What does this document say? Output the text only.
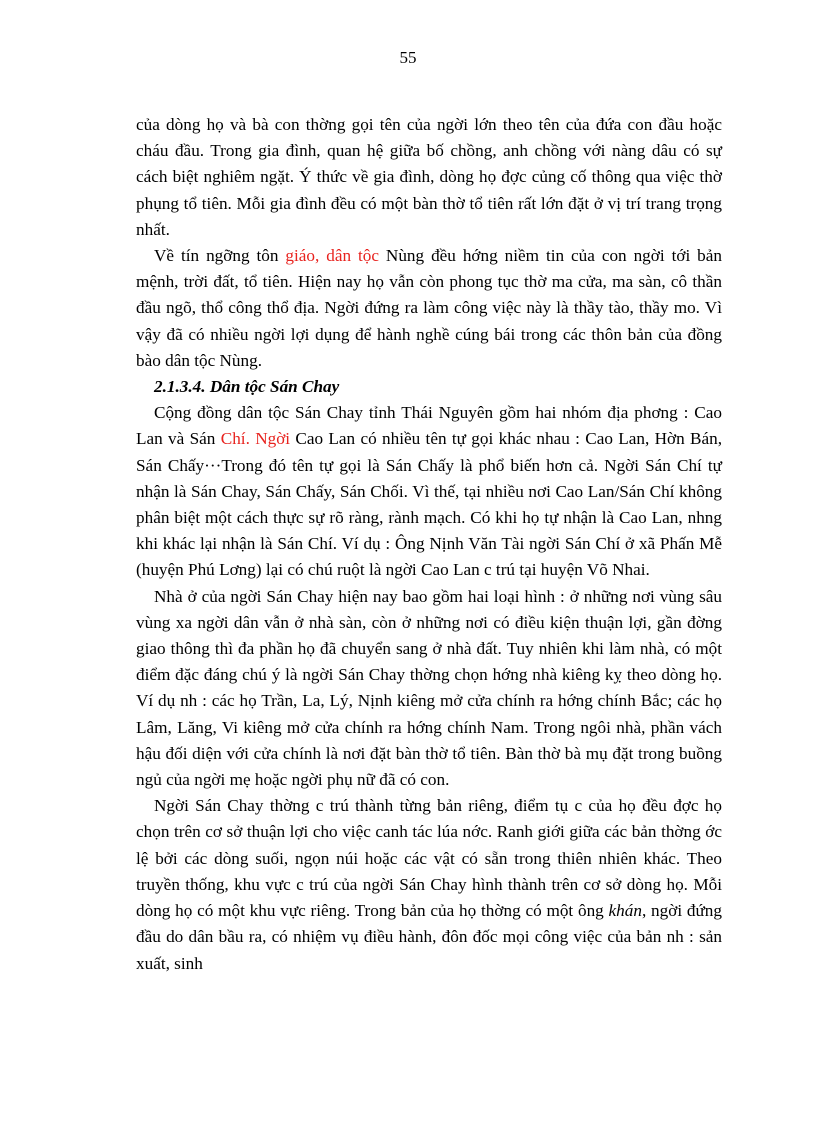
55

của dòng họ và bà con thờng gọi tên của ngời lớn theo tên của đứa con đầu hoặc cháu đầu. Trong gia đình, quan hệ giữa bố chồng, anh chồng với nàng dâu có sự cách biệt nghiêm ngặt. Ý thức về gia đình, dòng họ đợc củng cố thông qua việc thờ phụng tổ tiên. Mỗi gia đình đều có một bàn thờ tổ tiên rất lớn đặt ở vị trí trang trọng nhất.

Về tín ngỡng tôn giáo, dân tộc Nùng đều hớng niềm tin của con ngời tới bản mệnh, trời đất, tổ tiên. Hiện nay họ vẫn còn phong tục thờ ma cửa, ma sàn, cô thần đầu ngõ, thổ công thổ địa. Ngời đứng ra làm công việc này là thầy tào, thầy mo. Vì vậy đã có nhiều ngời lợi dụng để hành nghề cúng bái trong các thôn bản của đồng bào dân tộc Nùng.

2.1.3.4. Dân tộc Sán Chay

Cộng đồng dân tộc Sán Chay tỉnh Thái Nguyên gồm hai nhóm địa phơng : Cao Lan và Sán Chí. Ngời Cao Lan có nhiều tên tự gọi khác nhau : Cao Lan, Hờn Bán, Sán Chấy···Trong đó tên tự gọi là Sán Chấy là phổ biến hơn cả. Ngời Sán Chí tự nhận là Sán Chay, Sán Chấy, Sán Chối. Vì thế, tại nhiều nơi Cao Lan/Sán Chí không phân biệt một cách thực sự rõ ràng, rành mạch. Có khi họ tự nhận là Cao Lan, nhng khi khác lại nhận là Sán Chí. Ví dụ : Ông Nịnh Văn Tài ngời Sán Chí ở xã Phấn Mễ (huyện Phú Lơng) lại có chú ruột là ngời Cao Lan c trú tại huyện Võ Nhai.

Nhà ở của ngời Sán Chay hiện nay bao gồm hai loại hình : ở những nơi vùng sâu vùng xa ngời dân vẫn ở nhà sàn, còn ở những nơi có điều kiện thuận lợi, gần đờng giao thông thì đa phần họ đã chuyển sang ở nhà đất. Tuy nhiên khi làm nhà, có một điểm đặc đáng chú ý là ngời Sán Chay thờng chọn hớng nhà kiêng kỵ theo dòng họ. Ví dụ nh : các họ Trần, La, Lý, Nịnh kiêng mở cửa chính ra hớng chính Bắc; các họ Lâm, Lăng, Vi kiêng mở cửa chính ra hớng chính Nam. Trong ngôi nhà, phần vách hậu đối diện với cửa chính là nơi đặt bàn thờ tổ tiên. Bàn thờ bà mụ đặt trong buồng ngủ của ngời mẹ hoặc ngời phụ nữ đã có con.

Ngời Sán Chay thờng c trú thành từng bản riêng, điểm tụ c của họ đều đợc họ chọn trên cơ sở thuận lợi cho việc canh tác lúa nớc. Ranh giới giữa các bản thờng ớc lệ bởi các dòng suối, ngọn núi hoặc các vật có sẵn trong thiên nhiên khác. Theo truyền thống, khu vực c trú của ngời Sán Chay hình thành trên cơ sở dòng họ. Mỗi dòng họ có một khu vực riêng. Trong bản của họ thờng có một ông khán, ngời đứng đầu do dân bầu ra, có nhiệm vụ điều hành, đôn đốc mọi công việc của bản nh : sản xuất, sinh
